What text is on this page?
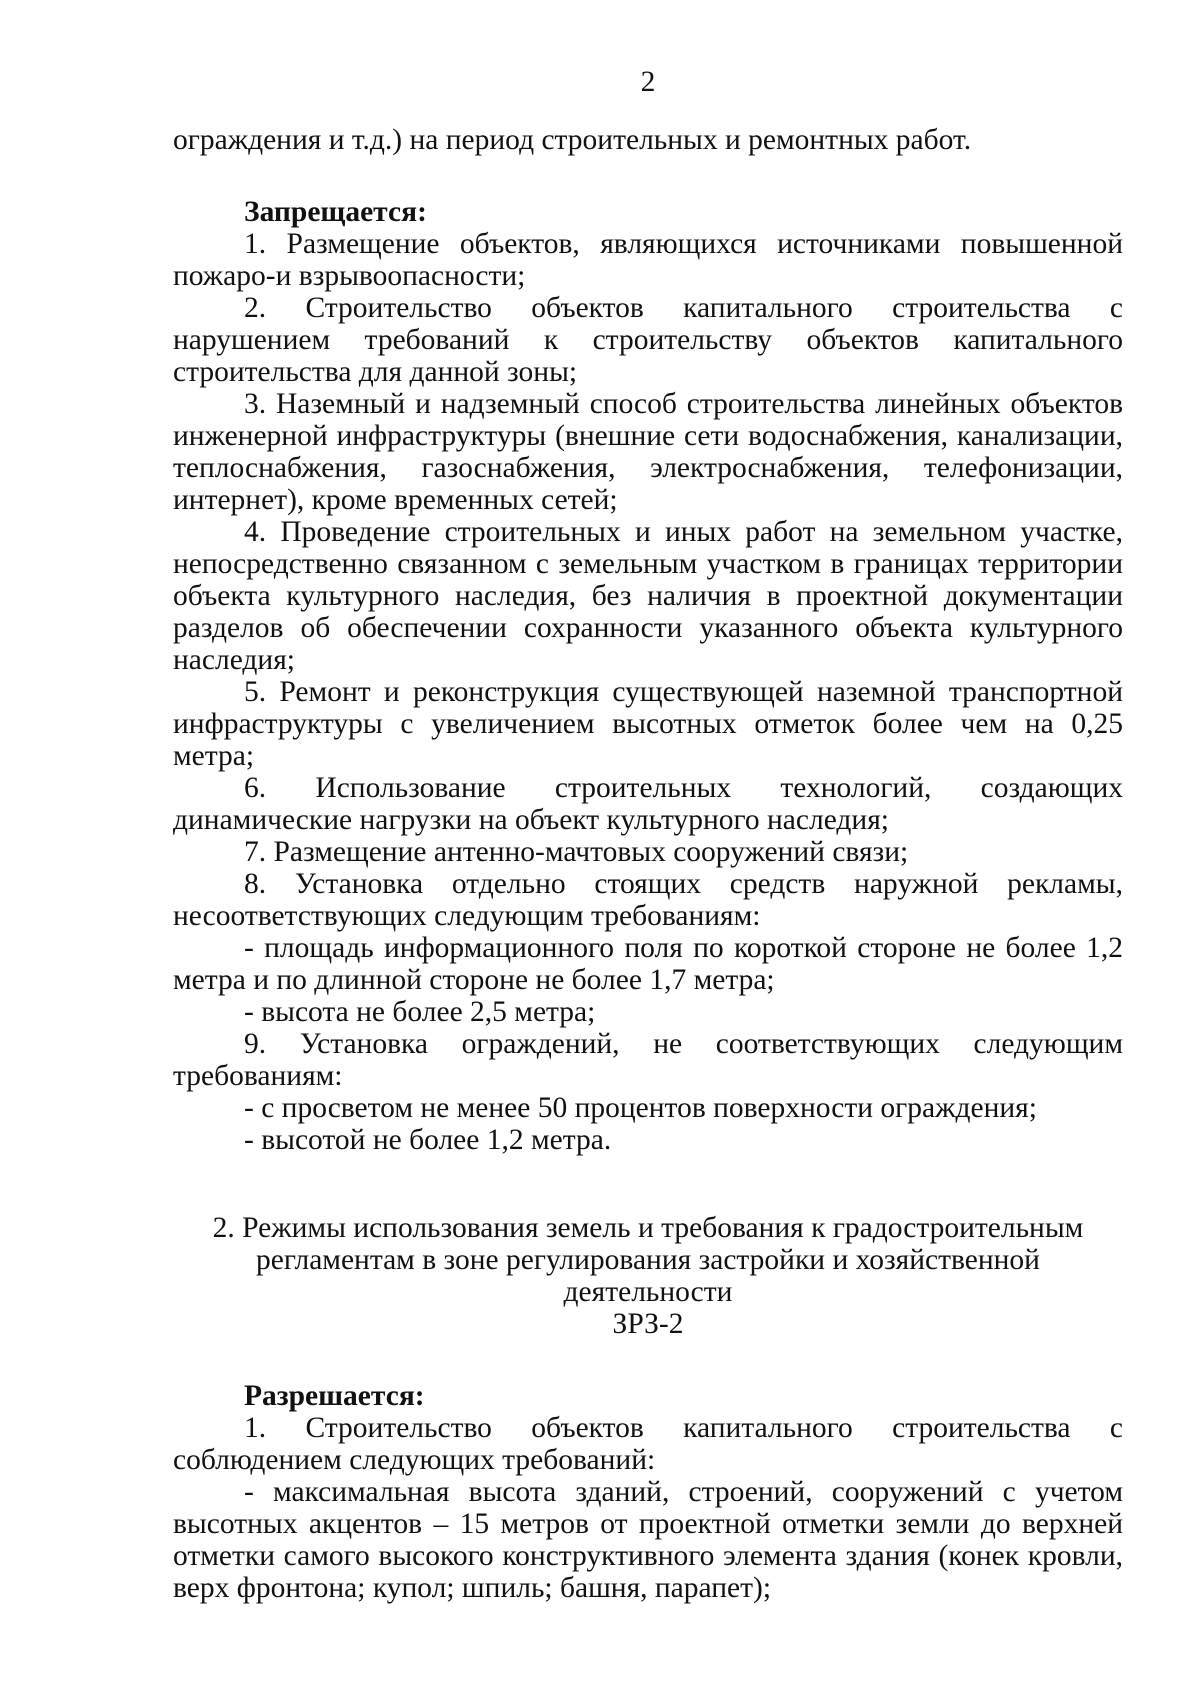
2

ограждения и т.д.) на период строительных и ремонтных работ.

Запрещается:

1. Размещение объектов, являющихся источниками повышенной пожаро-и взрывоопасности;

2. Строительство объектов капитального строительства с нарушением требований к строительству объектов капитального строительства для данной зоны;

3. Наземный и надземный способ строительства линейных объектов инженерной инфраструктуры (внешние сети водоснабжения, канализации, теплоснабжения, газоснабжения, электроснабжения, телефонизации, интернет), кроме временных сетей;

4. Проведение строительных и иных работ на земельном участке, непосредственно связанном с земельным участком в границах территории объекта культурного наследия, без наличия в проектной документации разделов об обеспечении сохранности указанного объекта культурного наследия;

5. Ремонт и реконструкция существующей наземной транспортной инфраструктуры с увеличением высотных отметок более чем на 0,25 метра;

6. Использование строительных технологий, создающих динамические нагрузки на объект культурного наследия;

7. Размещение антенно-мачтовых сооружений связи;

8. Установка отдельно стоящих средств наружной рекламы, несоответствующих следующим требованиям:

- площадь информационного поля по короткой стороне не более 1,2 метра и по длинной стороне не более 1,7 метра;

- высота не более 2,5 метра;

9. Установка ограждений, не соответствующих следующим требованиям:

- с просветом не менее 50 процентов поверхности ограждения;

- высотой не более 1,2 метра.

2. Режимы использования земель и требования к градостроительным

регламентам в зоне регулирования застройки и хозяйственной деятельности

ЗРЗ-2

Разрешается:

1. Строительство объектов капитального строительства с соблюдением следующих требований:

- максимальная высота зданий, строений, сооружений с учетом высотных акцентов – 15 метров от проектной отметки земли до верхней отметки самого высокого конструктивного элемента здания (конек кровли, верх фронтона; купол; шпиль; башня, парапет);
